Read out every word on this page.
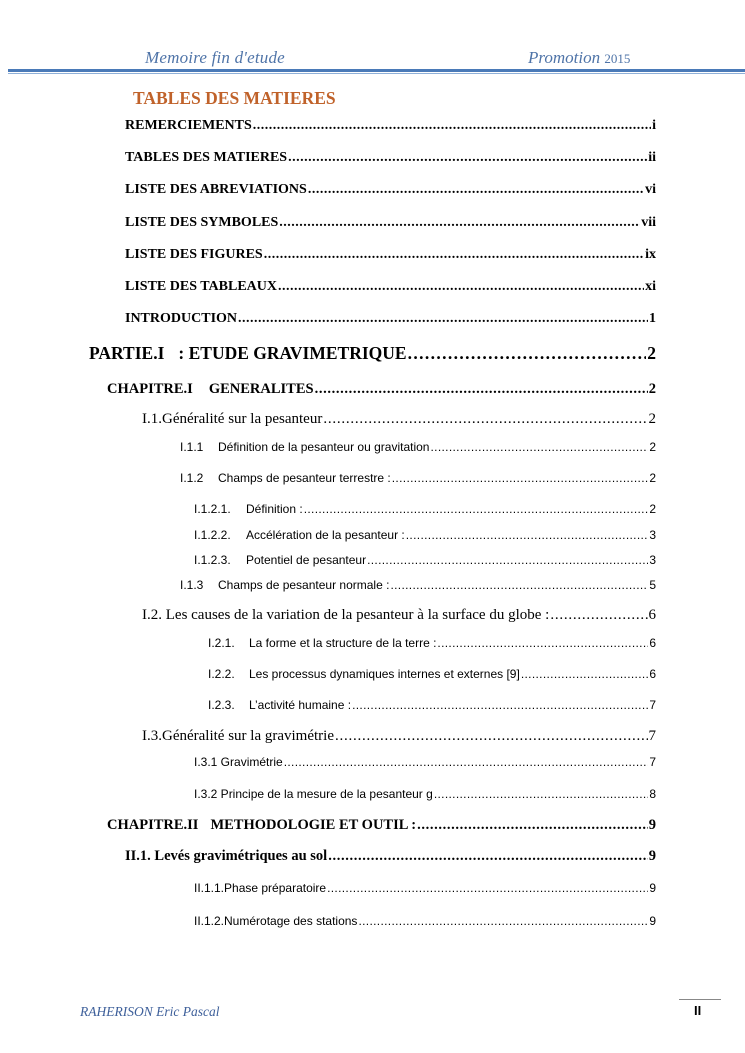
Memoire fin d'etude	Promotion 2015
TABLES DES MATIERES
REMERCIEMENTS . . .	i
TABLES DES MATIERES . . .	ii
LISTE DES ABREVIATIONS . . .	vi
LISTE DES SYMBOLES . . .	vii
LISTE DES FIGURES . . .	ix
LISTE DES TABLEAUX . . .	xi
INTRODUCTION . . .	1
PARTIE.I : ETUDE GRAVIMETRIQUE . . .	2
CHAPITRE.I GENERALITES . . .	2
I.1.Généralité sur la pesanteur . . .	2
I.1.1	Définition de la pesanteur ou gravitation . . .	2
I.1.2	Champs de pesanteur terrestre : . . .	2
I.1.2.1.	Définition : . . .	2
I.1.2.2.	Accélération de la pesanteur : . . .	3
I.1.2.3.	Potentiel de pesanteur . . .	3
I.1.3	Champs de pesanteur normale : . . .	5
I.2. Les causes de la variation de la pesanteur à la surface du globe : . . .	6
I.2.1.	La forme et la structure de la terre : . . .	6
I.2.2.	Les processus dynamiques internes et externes [9] . . .	6
I.2.3.	L’activité humaine : . . .	7
I.3.Généralité sur la gravimétrie . . .	7
I.3.1 Gravimétrie . . .	7
I.3.2 Principe de la mesure de la pesanteur g . . .	8
CHAPITRE.II METHODOLOGIE ET OUTIL : . . .	9
II.1. Levés gravimétriques au sol . . .	9
II.1.1.Phase préparatoire . . .	9
II.1.2.Numérotage des stations . . .	9
RAHERISON Eric Pascal	II
